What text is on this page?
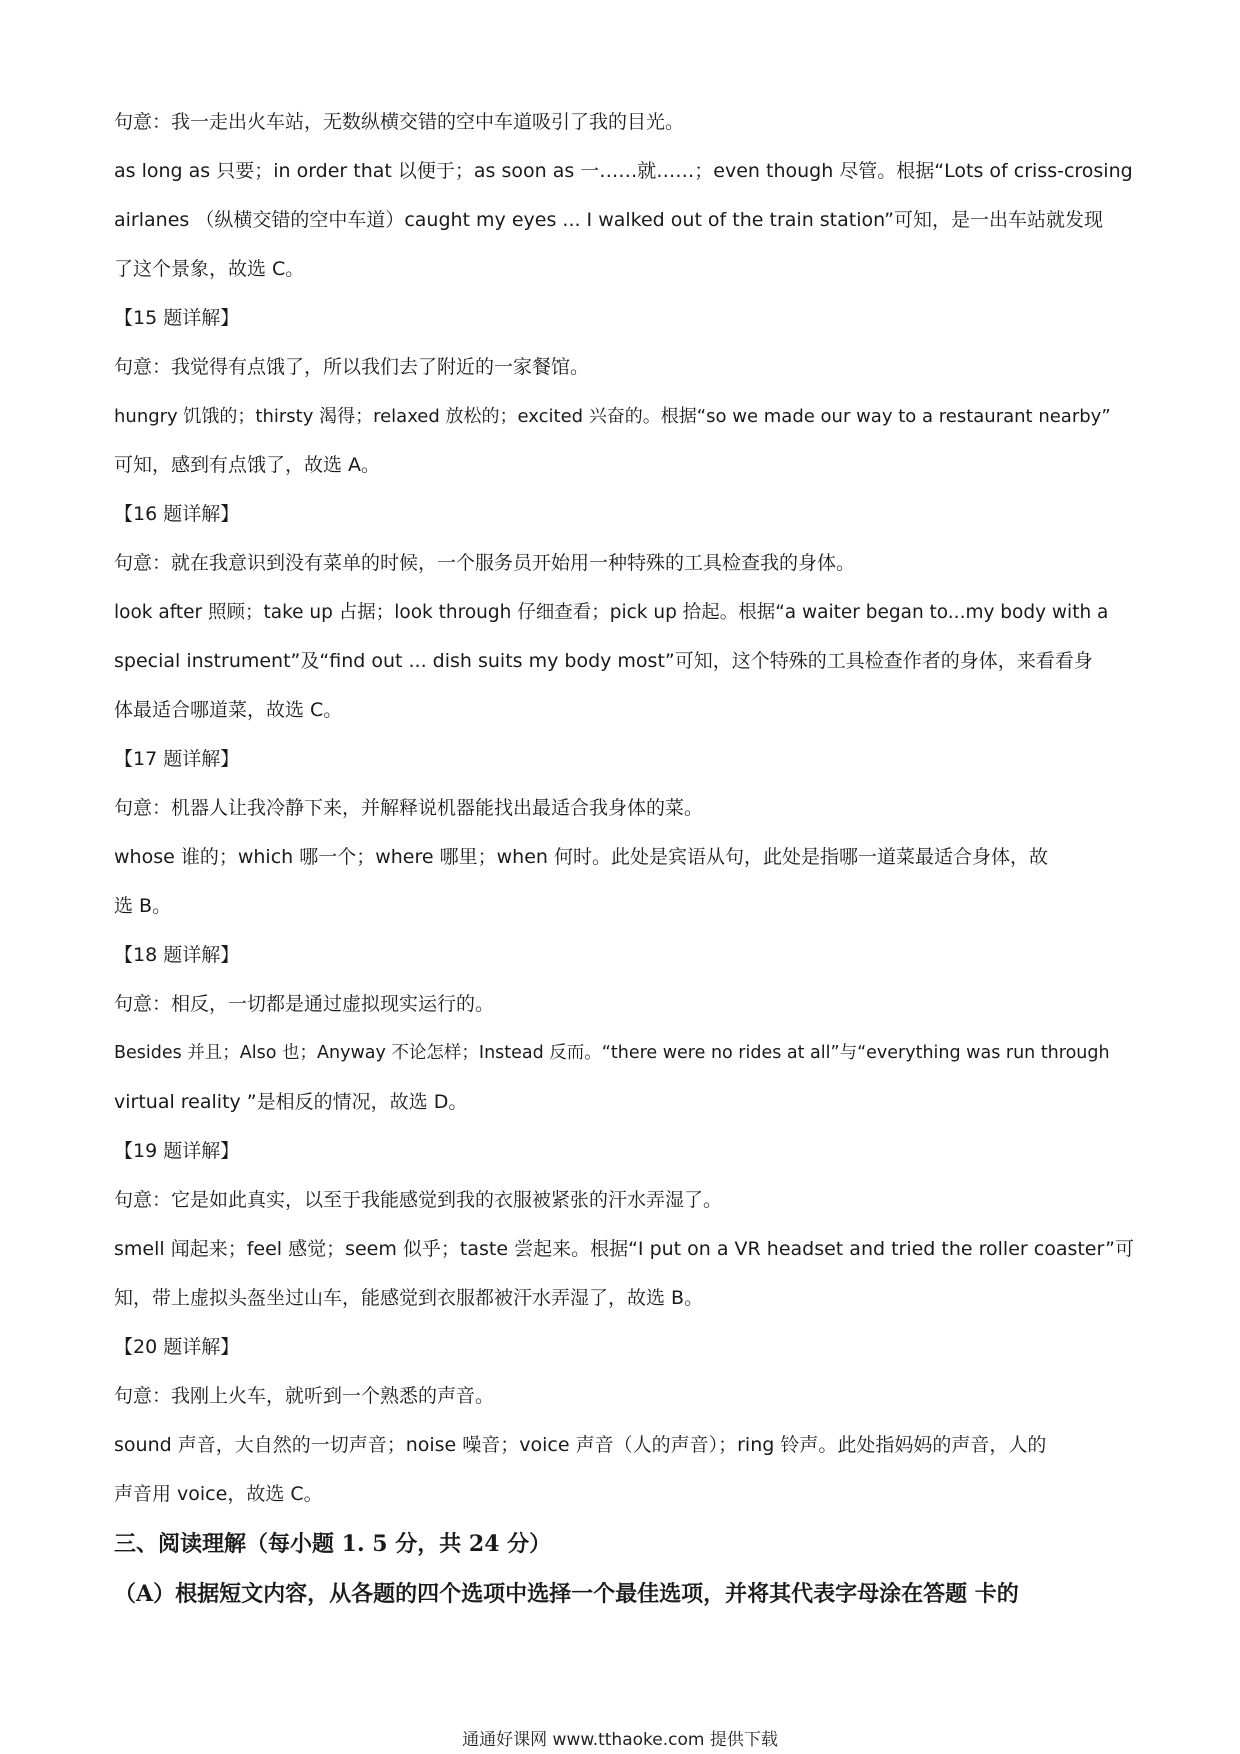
句意：我一走出火车站，无数纵横交错的空中车道吸引了我的目光。

as long as 只要；in order that 以便于；as soon as 一……就……；even though 尽管。根据“Lots of criss-crosing

airlanes （纵横交错的空中车道）caught my eyes ... I walked out of the train station”可知，是一出车站就发现

了这个景象，故选 C。

【15 题详解】

句意：我觉得有点饿了，所以我们去了附近的一家餐馆。

hungry 饥饿的；thirsty 渴得；relaxed 放松的；excited 兴奋的。根据“so we made our way to a restaurant nearby”

可知，感到有点饿了，故选 A。

【16 题详解】

句意：就在我意识到没有菜单的时候，一个服务员开始用一种特殊的工具检查我的身体。

look after 照顾；take up 占据；look through 仔细查看；pick up 拾起。根据“a waiter began to...my body with a

special instrument”及“find out ... dish suits my body most”可知，这个特殊的工具检查作者的身体，来看看身

体最适合哪道菜，故选 C。

【17 题详解】

句意：机器人让我冷静下来，并解释说机器能找出最适合我身体的菜。

whose 谁的；which 哪一个；where 哪里；when 何时。此处是宾语从句，此处是指哪一道菜最适合身体，故

选 B。

【18 题详解】

句意：相反，一切都是通过虚拟现实运行的。

Besides 并且；Also 也；Anyway 不论怎样；Instead 反而。“there were no rides at all”与“everything was run through

virtual reality ”是相反的情况，故选 D。

【19 题详解】

句意：它是如此真实，以至于我能感觉到我的衣服被紧张的汗水弄湿了。

smell 闻起来；feel 感觉；seem 似乎；taste 尝起来。根据“I put on a VR headset and tried the roller coaster”可

知，带上虚拟头盔坐过山车，能感觉到衣服都被汗水弄湿了，故选 B。

【20 题详解】

句意：我刚上火车，就听到一个熟悉的声音。

sound 声音，大自然的一切声音；noise 噪音；voice 声音（人的声音）；ring 铃声。此处指妈妈的声音，人的

声音用 voice，故选 C。

三、阅读理解（每小题 1. 5 分，共 24 分）

（A）根据短文内容，从各题的四个选项中选择一个最佳选项，并将其代表字母涂在答题 卡的

通通好课网 www.tthaoke.com 提供下载
